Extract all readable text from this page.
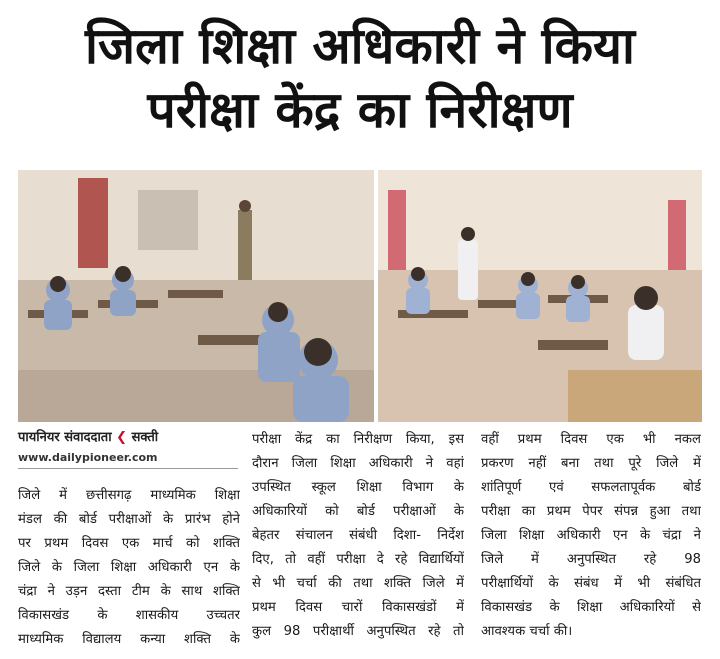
जिला शिक्षा अधिकारी ने किया
परीक्षा केंद्र का निरीक्षण
पायनियर संवाददाता ❮ सक्ती
www.dailypioneer.com
जिले में छत्तीसगढ़ माध्यमिक शिक्षा
मंडल की बोर्ड परीक्षाओं के प्रारंभ होने
पर प्रथम दिवस एक मार्च को शक्ति
जिले के जिला शिक्षा अधिकारी एन के
चंद्रा ने उड़न दस्ता टीम के साथ शक्ति
विकासखंड के शासकीय उच्चतर
माध्यमिक विद्यालय कन्या शक्ति के
परीक्षा केंद्र का निरीक्षण किया, इस
दौरान जिला शिक्षा अधिकारी ने वहां
उपस्थित स्कूल शिक्षा विभाग के
अधिकारियों को बोर्ड परीक्षाओं के
बेहतर संचालन संबंधी दिशा- निर्देश
दिए, तो वहीं परीक्षा दे रहे विद्यार्थियों
से भी चर्चा की तथा शक्ति जिले में
प्रथम दिवस चारों विकासखंडों में
कुल 98 परीक्षार्थी अनुपस्थित रहे तो
वहीं प्रथम दिवस एक भी नकल
प्रकरण नहीं बना तथा पूरे जिले में
शांतिपूर्ण एवं सफलतापूर्वक बोर्ड
परीक्षा का प्रथम पेपर संपन्न हुआ तथा
जिला शिक्षा अधिकारी एन के चंद्रा ने
जिले में अनुपस्थित रहे 98
परीक्षार्थियों के संबंध में भी संबंधित
विकासखंड के शिक्षा अधिकारियों से
आवश्यक चर्चा की।
